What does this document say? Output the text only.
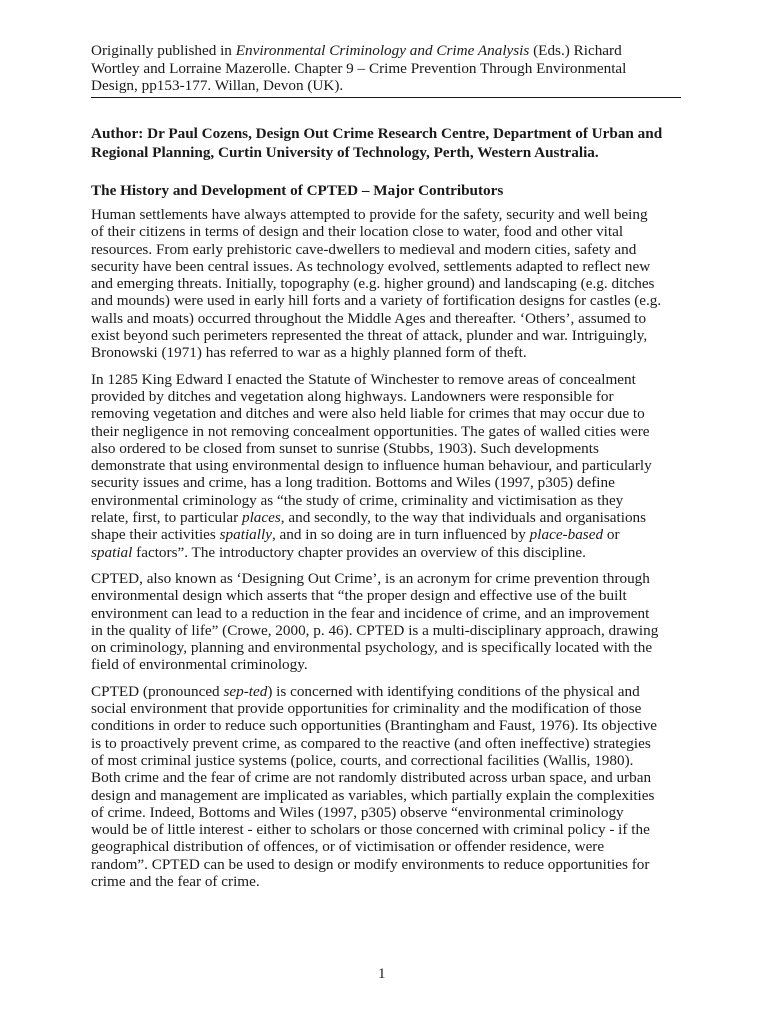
Originally published in Environmental Criminology and Crime Analysis (Eds.) Richard

Wortley and Lorraine Mazerolle. Chapter 9 – Crime Prevention Through Environmental

Design, pp153-177. Willan, Devon (UK).

Author: Dr Paul Cozens, Design Out Crime Research Centre, Department of Urban and
Regional Planning, Curtin University of Technology, Perth, Western Australia.
The History and Development of CPTED – Major Contributors

Human settlements have always attempted to provide for the safety, security and well being

of their citizens in terms of design and their location close to water, food and other vital

resources. From early prehistoric cave-dwellers to medieval and modern cities, safety and

security have been central issues. As technology evolved, settlements adapted to reflect new

and emerging threats. Initially, topography (e.g. higher ground) and landscaping (e.g. ditches

and mounds) were used in early hill forts and a variety of fortification designs for castles (e.g.

walls and moats) occurred throughout the Middle Ages and thereafter. ‘Others’, assumed to

exist beyond such perimeters represented the threat of attack, plunder and war. Intriguingly,

Bronowski (1971) has referred to war as a highly planned form of theft.

In 1285 King Edward I enacted the Statute of Winchester to remove areas of concealment

provided by ditches and vegetation along highways. Landowners were responsible for

removing vegetation and ditches and were also held liable for crimes that may occur due to

their negligence in not removing concealment opportunities. The gates of walled cities were

also ordered to be closed from sunset to sunrise (Stubbs, 1903). Such developments

demonstrate that using environmental design to influence human behaviour, and particularly

security issues and crime, has a long tradition. Bottoms and Wiles (1997, p305) define

environmental criminology as “the study of crime, criminality and victimisation as they

relate, first, to particular places, and secondly, to the way that individuals and organisations

shape their activities spatially, and in so doing are in turn influenced by place-based or

spatial factors”. The introductory chapter provides an overview of this discipline.

CPTED, also known as ‘Designing Out Crime’, is an acronym for crime prevention through

environmental design which asserts that “the proper design and effective use of the built

environment can lead to a reduction in the fear and incidence of crime, and an improvement

in the quality of life” (Crowe, 2000, p. 46). CPTED is a multi-disciplinary approach, drawing

on criminology, planning and environmental psychology, and is specifically located with the

field of environmental criminology.

CPTED (pronounced sep-ted) is concerned with identifying conditions of the physical and

social environment that provide opportunities for criminality and the modification of those

conditions in order to reduce such opportunities (Brantingham and Faust, 1976). Its objective

is to proactively prevent crime, as compared to the reactive (and often ineffective) strategies

of most criminal justice systems (police, courts, and correctional facilities (Wallis, 1980).

Both crime and the fear of crime are not randomly distributed across urban space, and urban

design and management are implicated as variables, which partially explain the complexities

of crime. Indeed, Bottoms and Wiles (1997, p305) observe “environmental criminology

would be of little interest - either to scholars or those concerned with criminal policy - if the

geographical distribution of offences, or of victimisation or offender residence, were

random”. CPTED can be used to design or modify environments to reduce opportunities for

crime and the fear of crime.

1
